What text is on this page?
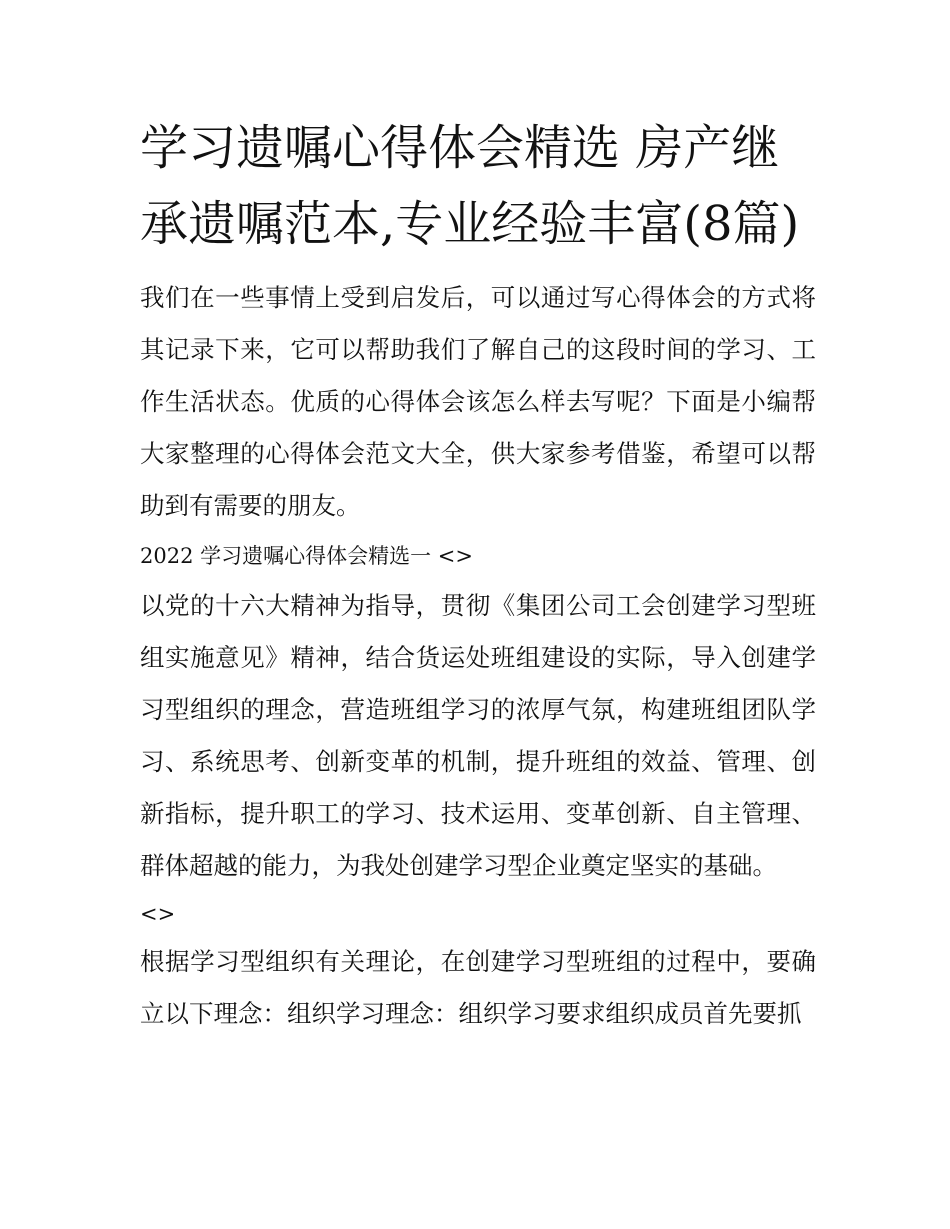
学习遗嘱心得体会精选 房产继承遗嘱范本,专业经验丰富(8篇)

我们在一些事情上受到启发后，可以通过写心得体会的方式将其记录下来，它可以帮助我们了解自己的这段时间的学习、工作生活状态。优质的心得体会该怎么样去写呢？下面是小编帮大家整理的心得体会范文大全，供大家参考借鉴，希望可以帮助到有需要的朋友。

2022 学习遗嘱心得体会精选一 <>

以党的十六大精神为指导，贯彻《集团公司工会创建学习型班组实施意见》精神，结合货运处班组建设的实际，导入创建学习型组织的理念，营造班组学习的浓厚气氛，构建班组团队学习、系统思考、创新变革的机制，提升班组的效益、管理、创新指标，提升职工的学习、技术运用、变革创新、自主管理、群体超越的能力，为我处创建学习型企业奠定坚实的基础。

<>

根据学习型组织有关理论，在创建学习型班组的过程中，要确立以下理念：组织学习理念：组织学习要求组织成员首先要抓
